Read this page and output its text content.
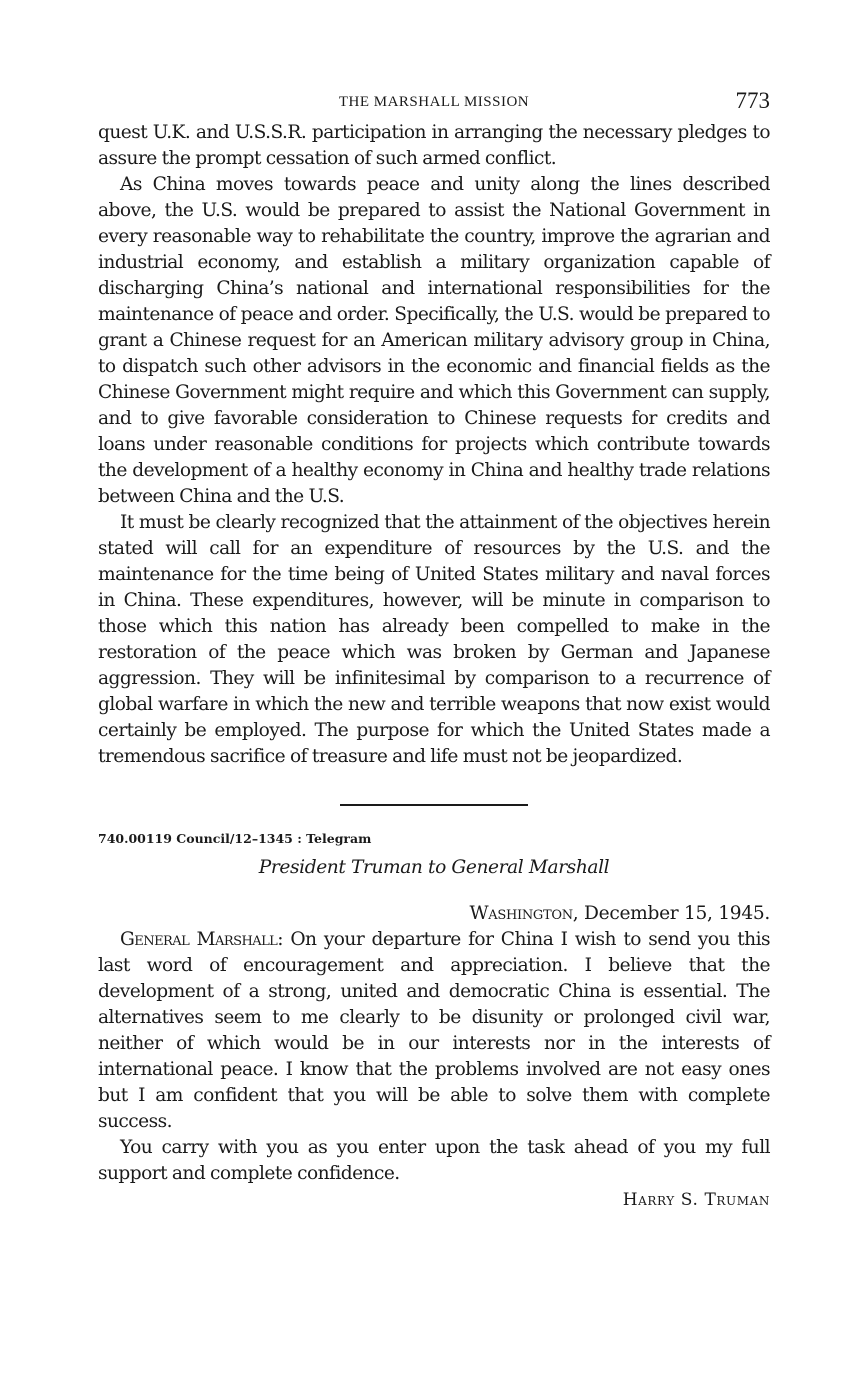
THE MARSHALL MISSION	773

quest U.K. and U.S.S.R. participation in arranging the necessary pledges to assure the prompt cessation of such armed conflict.

As China moves towards peace and unity along the lines described above, the U.S. would be prepared to assist the National Government in every reasonable way to rehabilitate the country, improve the agrarian and industrial economy, and establish a military organization capable of discharging China’s national and international responsibilities for the maintenance of peace and order. Specifically, the U.S. would be prepared to grant a Chinese request for an American military advisory group in China, to dispatch such other advisors in the economic and financial fields as the Chinese Government might require and which this Government can supply, and to give favorable consideration to Chinese requests for credits and loans under reasonable conditions for projects which contribute towards the development of a healthy economy in China and healthy trade relations between China and the U.S.

It must be clearly recognized that the attainment of the objectives herein stated will call for an expenditure of resources by the U.S. and the maintenance for the time being of United States military and naval forces in China. These expenditures, however, will be minute in comparison to those which this nation has already been compelled to make in the restoration of the peace which was broken by German and Japanese aggression. They will be infinitesimal by comparison to a recurrence of global warfare in which the new and terrible weapons that now exist would certainly be employed. The purpose for which the United States made a tremendous sacrifice of treasure and life must not be jeopardized.

740.00119 Council/12–1345 : Telegram

President Truman to General Marshall

Washington, December 15, 1945.

General Marshall: On your departure for China I wish to send you this last word of encouragement and appreciation. I believe that the development of a strong, united and democratic China is essential. The alternatives seem to me clearly to be disunity or prolonged civil war, neither of which would be in our interests nor in the interests of international peace. I know that the problems involved are not easy ones but I am confident that you will be able to solve them with complete success.

You carry with you as you enter upon the task ahead of you my full support and complete confidence.

Harry S. Truman
